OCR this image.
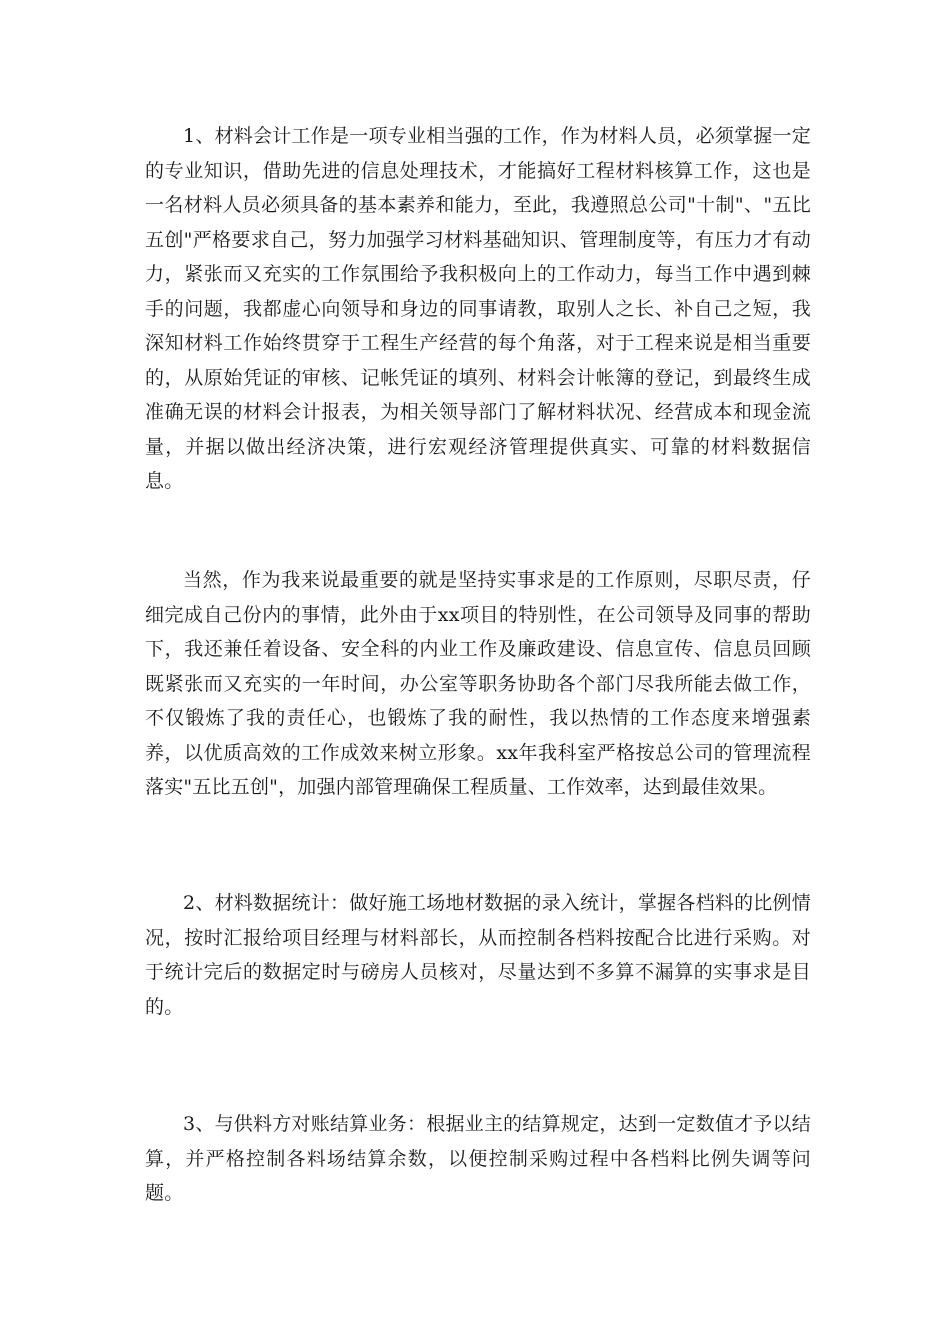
1、材料会计工作是一项专业相当强的工作，作为材料人员，必须掌握一定的专业知识，借助先进的信息处理技术，才能搞好工程材料核算工作，这也是一名材料人员必须具备的基本素养和能力，至此，我遵照总公司"十制"、"五比五创"严格要求自己，努力加强学习材料基础知识、管理制度等，有压力才有动力，紧张而又充实的工作氛围给予我积极向上的工作动力，每当工作中遇到棘手的问题，我都虚心向领导和身边的同事请教，取别人之长、补自己之短，我深知材料工作始终贯穿于工程生产经营的每个角落，对于工程来说是相当重要的，从原始凭证的审核、记帐凭证的填列、材料会计帐簿的登记，到最终生成准确无误的材料会计报表，为相关领导部门了解材料状况、经营成本和现金流量，并据以做出经济决策，进行宏观经济管理提供真实、可靠的材料数据信息。

当然，作为我来说最重要的就是坚持实事求是的工作原则，尽职尽责，仔细完成自己份内的事情，此外由于xx项目的特别性，在公司领导及同事的帮助下，我还兼任着设备、安全科的内业工作及廉政建设、信息宣传、信息员回顾既紧张而又充实的一年时间，办公室等职务协助各个部门尽我所能去做工作，不仅锻炼了我的责任心，也锻炼了我的耐性，我以热情的工作态度来增强素养，以优质高效的工作成效来树立形象。xx年我科室严格按总公司的管理流程落实"五比五创"，加强内部管理确保工程质量、工作效率，达到最佳效果。

2、材料数据统计：做好施工场地材数据的录入统计，掌握各档料的比例情况，按时汇报给项目经理与材料部长，从而控制各档料按配合比进行采购。对于统计完后的数据定时与磅房人员核对，尽量达到不多算不漏算的实事求是目的。

3、与供料方对账结算业务：根据业主的结算规定，达到一定数值才予以结算，并严格控制各料场结算余数，以便控制采购过程中各档料比例失调等问题。
